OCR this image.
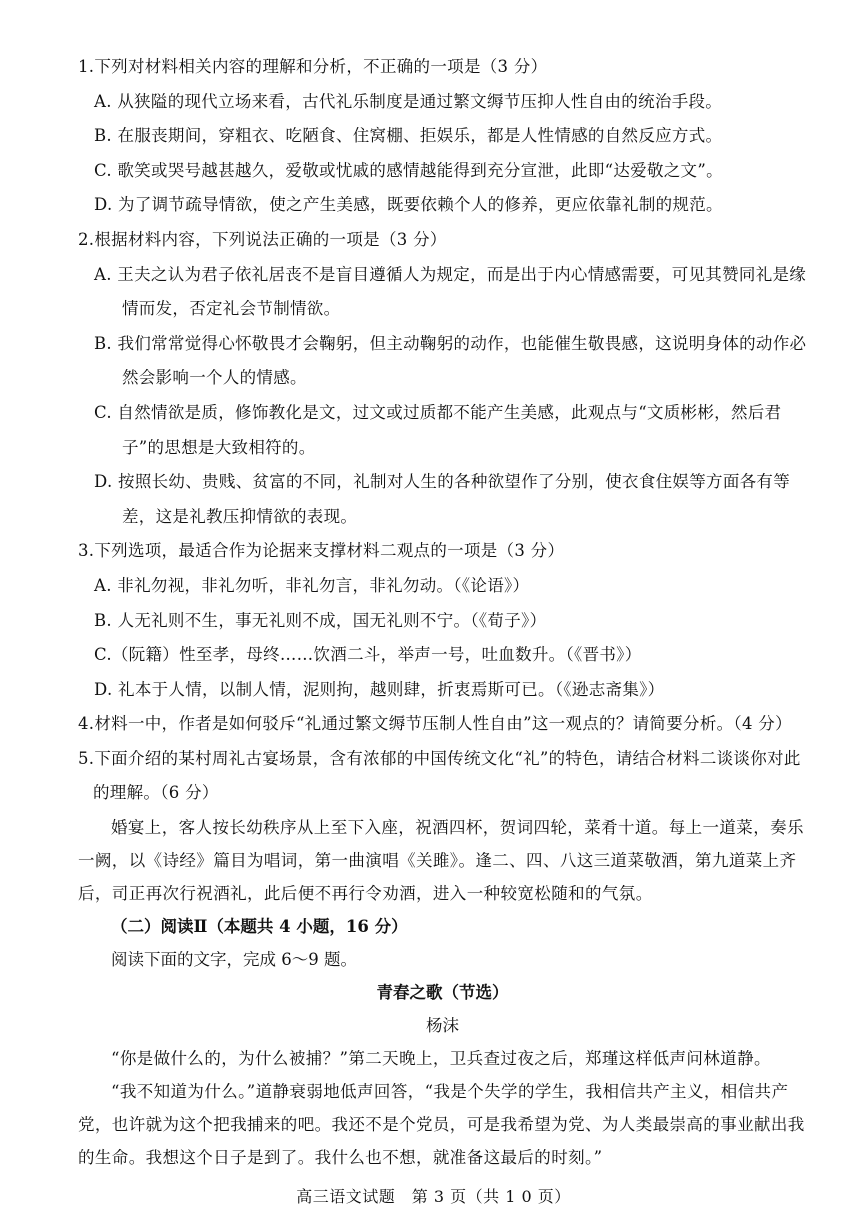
1.下列对材料相关内容的理解和分析，不正确的一项是（3 分）

A. 从狭隘的现代立场来看，古代礼乐制度是通过繁文缛节压抑人性自由的统治手段。

B. 在服丧期间，穿粗衣、吃陋食、住窝棚、拒娱乐，都是人性情感的自然反应方式。

C. 歌笑或哭号越甚越久，爱敬或忧戚的感情越能得到充分宣泄，此即“达爱敬之文”。

D. 为了调节疏导情欲，使之产生美感，既要依赖个人的修养，更应依靠礼制的规范。

2.根据材料内容，下列说法正确的一项是（3 分）

A. 王夫之认为君子依礼居丧不是盲目遵循人为规定，而是出于内心情感需要，可见其赞同礼是缘情而发，否定礼会节制情欲。

B. 我们常常觉得心怀敬畏才会鞠躬，但主动鞠躬的动作，也能催生敬畏感，这说明身体的动作必然会影响一个人的情感。

C. 自然情欲是质，修饰教化是文，过文或过质都不能产生美感，此观点与“文质彬彬，然后君子”的思想是大致相符的。

D. 按照长幼、贵贱、贫富的不同，礼制对人生的各种欲望作了分别，使衣食住娱等方面各有等差，这是礼教压抑情欲的表现。

3.下列选项，最适合作为论据来支撑材料二观点的一项是（3 分）

A. 非礼勿视，非礼勿听，非礼勿言，非礼勿动。（《论语》）

B. 人无礼则不生，事无礼则不成，国无礼则不宁。（《荀子》）

C.（阮籍）性至孝，母终……饮酒二斗，举声一号，吐血数升。（《晋书》）

D. 礼本于人情，以制人情，泥则拘，越则肆，折衷焉斯可已。（《逊志斋集》）

4.材料一中，作者是如何驳斥“礼通过繁文缛节压制人性自由”这一观点的？请简要分析。（4 分）

5.下面介绍的某村周礼古宴场景，含有浓郁的中国传统文化“礼”的特色，请结合材料二谈谈你对此的理解。（6 分）

婚宴上，客人按长幼秩序从上至下入座，祝酒四杯，贺词四轮，菜肴十道。每上一道菜，奏乐一阙，以《诗经》篇目为唱词，第一曲演唱《关雎》。逢二、四、八这三道菜敬酒，第九道菜上齐后，司正再次行祝酒礼，此后便不再行令劝酒，进入一种较宽松随和的气氛。

（二）阅读Ⅱ（本题共 4 小题，16 分）

阅读下面的文字，完成 6～9 题。

青春之歌（节选）

杨沫

“你是做什么的，为什么被捕？”第二天晚上，卫兵查过夜之后，郑瑾这样低声问林道静。

“我不知道为什么。”道静衰弱地低声回答，“我是个失学的学生，我相信共产主义，相信共产党，也许就为这个把我捕来的吧。我还不是个党员，可是我希望为党、为人类最崇高的事业献出我的生命。我想这个日子是到了。我什么也不想，就准备这最后的时刻。”

高三语文试题　第 3 页（共 1 0 页）
